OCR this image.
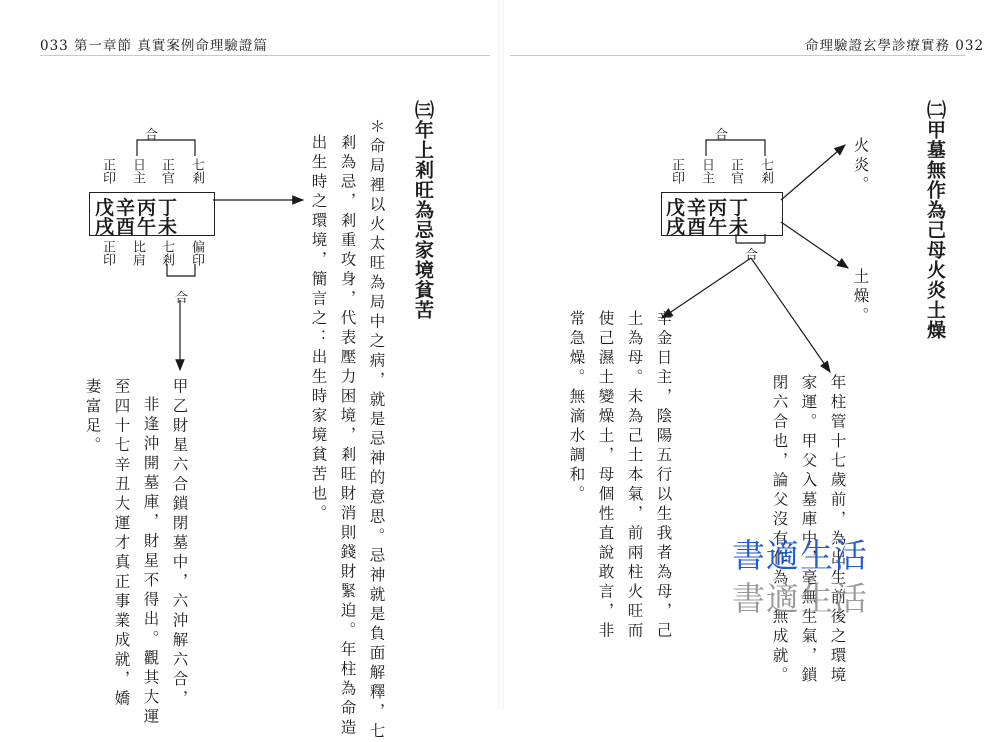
033 第一章節 真實案例命理驗證篇
㈢年上剎旺為忌家境貧苦
＊命局裡以火太旺為局中之病，就是忌神的意思。忌神就是負面解釋，七
剎為忌，剎重攻身，代表壓力困境，剎旺財消則錢財緊迫。年柱為命造
出生時之環境，簡言之：出生時家境貧苦也。
合
七剎
正官
日主
正印
丁丙辛戊
未午酉戌
偏印
七剎
比肩
正印
合
甲乙財星六合鎖閉墓中，六沖解六合，
非逢沖開墓庫，財星不得出。觀其大運
至四十七辛丑大運才真正事業成就，嬌
妻富足。
命理驗證玄學診療實務 032
㈡甲墓無作為己母火炎土燥
合
七剎
正官
日主
正印
丁丙辛戊
未午酉戌
合
火炎。
土燥。
年柱管十七歲前，為出生前後之環境
家運。甲父入墓庫中，毫無生氣，鎖
閉六合也，論父沒有作為。無成就。
辛金日主，陰陽五行以生我者為母，己
土為母。未為己土本氣，前兩柱火旺而
使己濕土變燥土，母個性直說敢言，非
常急燥。無滴水調和。
書適生活
書適生活
